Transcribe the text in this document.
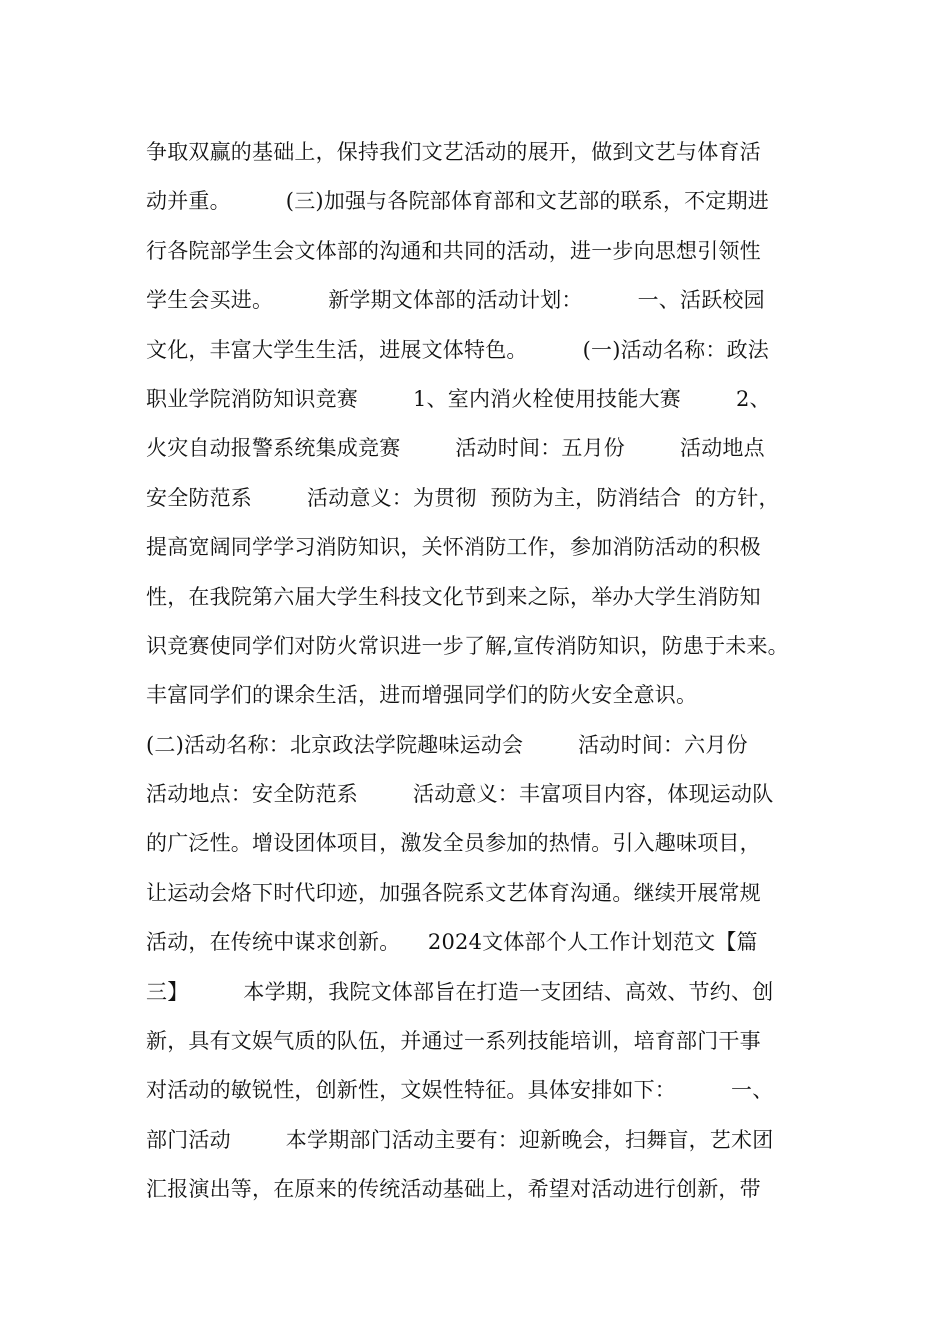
争取双赢的基础上，保持我们文艺活动的展开，做到文艺与体育活
动并重。        (三)加强与各院部体育部和文艺部的联系，不定期进
行各院部学生会文体部的沟通和共同的活动，进一步向思想引领性
学生会买进。        新学期文体部的活动计划：        一、活跃校园
文化，丰富大学生生活，进展文体特色。        (一)活动名称：政法
职业学院消防知识竞赛        1、室内消火栓使用技能大赛        2、
火灾自动报警系统集成竞赛        活动时间：五月份        活动地点
安全防范系        活动意义：为贯彻  预防为主，防消结合  的方针，
提高宽阔同学学习消防知识，关怀消防工作，参加消防活动的积极
性，在我院第六届大学生科技文化节到来之际，举办大学生消防知
识竞赛使同学们对防火常识进一步了解,宣传消防知识，防患于未来。
丰富同学们的课余生活，进而增强同学们的防火安全意识。
(二)活动名称：北京政法学院趣味运动会        活动时间：六月份
活动地点：安全防范系        活动意义：丰富项目内容，体现运动队
的广泛性。增设团体项目，激发全员参加的热情。引入趣味项目，
让运动会烙下时代印迹，加强各院系文艺体育沟通。继续开展常规
活动，在传统中谋求创新。    2024文体部个人工作计划范文【篇
三】        本学期，我院文体部旨在打造一支团结、高效、节约、创
新，具有文娱气质的队伍，并通过一系列技能培训，培育部门干事
对活动的敏锐性，创新性，文娱性特征。具体安排如下：        一、
部门活动        本学期部门活动主要有：迎新晚会，扫舞盲，艺术团
汇报演出等，在原来的传统活动基础上，希望对活动进行创新，带
